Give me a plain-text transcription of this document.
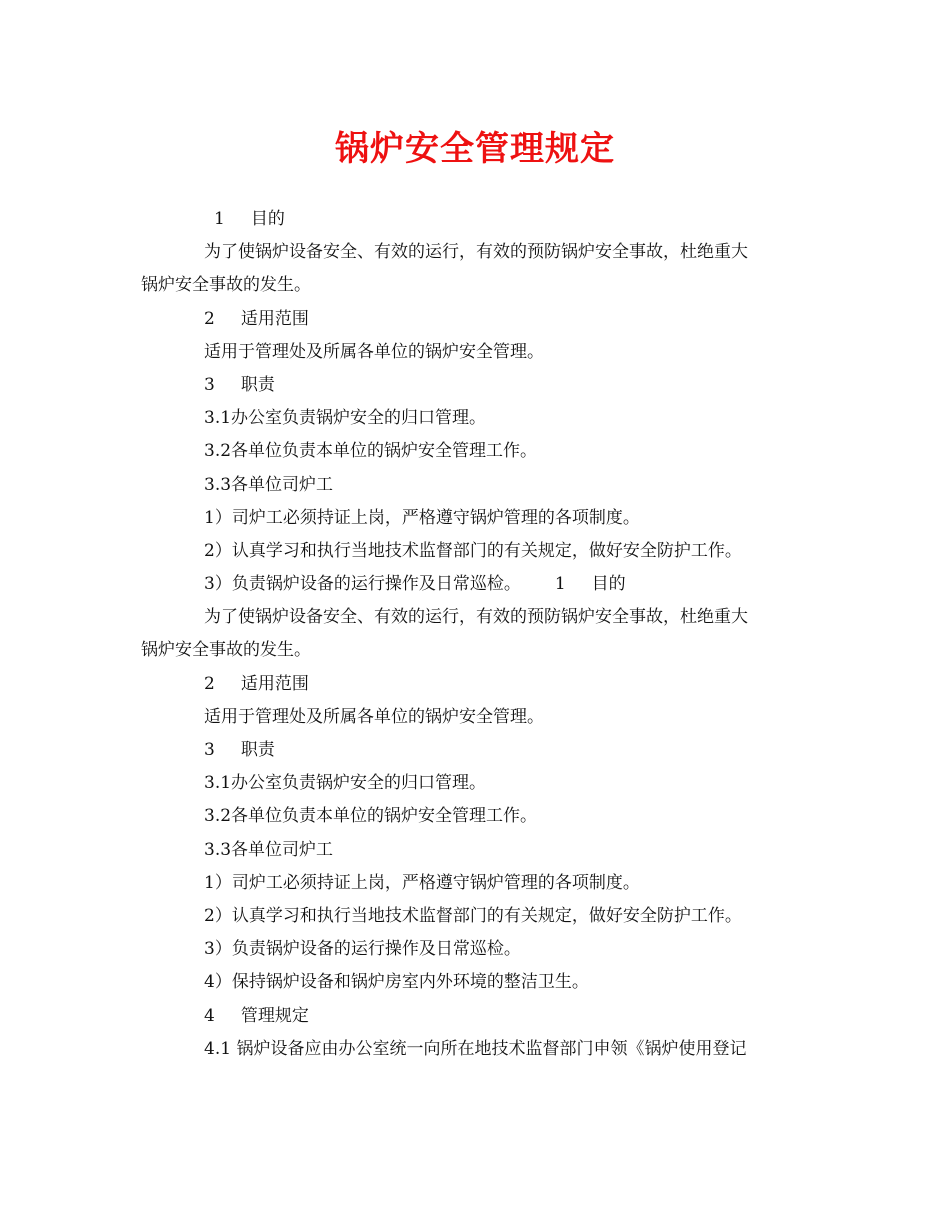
锅炉安全管理规定
1 目的
为了使锅炉设备安全、有效的运行，有效的预防锅炉安全事故，杜绝重大
锅炉安全事故的发生。
2 适用范围
适用于管理处及所属各单位的锅炉安全管理。
3 职责
3.1办公室负责锅炉安全的归口管理。
3.2各单位负责本单位的锅炉安全管理工作。
3.3各单位司炉工
1）司炉工必须持证上岗，严格遵守锅炉管理的各项制度。
2）认真学习和执行当地技术监督部门的有关规定，做好安全防护工作。
3）负责锅炉设备的运行操作及日常巡检。 1 目的
为了使锅炉设备安全、有效的运行，有效的预防锅炉安全事故，杜绝重大
锅炉安全事故的发生。
2 适用范围
适用于管理处及所属各单位的锅炉安全管理。
3 职责
3.1办公室负责锅炉安全的归口管理。
3.2各单位负责本单位的锅炉安全管理工作。
3.3各单位司炉工
1）司炉工必须持证上岗，严格遵守锅炉管理的各项制度。
2）认真学习和执行当地技术监督部门的有关规定，做好安全防护工作。
3）负责锅炉设备的运行操作及日常巡检。
4）保持锅炉设备和锅炉房室内外环境的整洁卫生。
4 管理规定
4.1 锅炉设备应由办公室统一向所在地技术监督部门申领《锅炉使用登记
